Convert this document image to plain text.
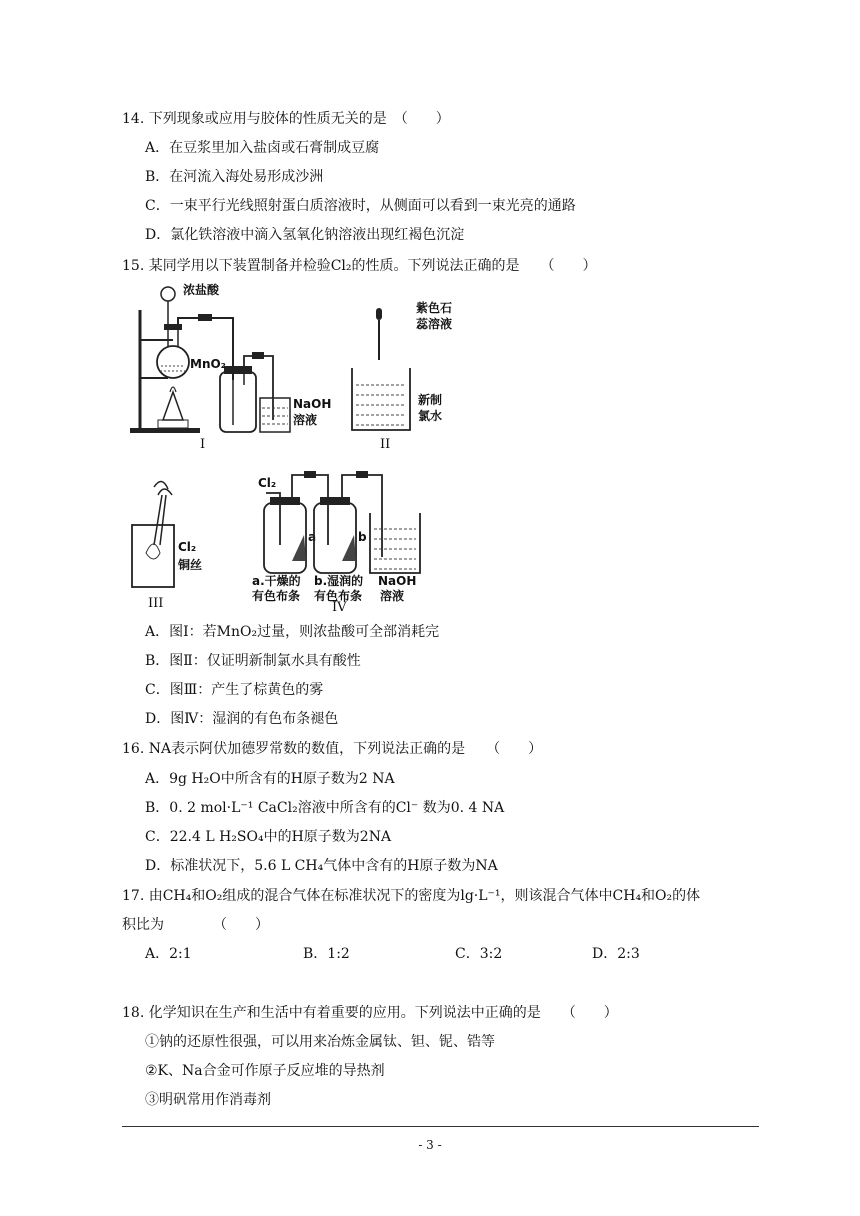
14. 下列现象或应用与胶体的性质无关的是　（　　）
A．在豆浆里加入盐卤或石膏制成豆腐
B．在河流入海处易形成沙洲
C．一束平行光线照射蛋白质溶液时，从侧面可以看到一束光亮的通路
D．氯化铁溶液中滴入氢氧化钠溶液出现红褐色沉淀
15. 某同学用以下装置制备并检验Cl₂的性质。下列说法正确的是　　（　　）
浓盐酸
MnO₂
NaOH
溶液
I
紫色石
蕊溶液
新制
氯水
II
Cl₂
铜丝
III
Cl₂
a	b
a.干燥的
有色布条
b.湿润的
有色布条
NaOH
溶液
IV
A．图Ⅰ：若MnO₂过量，则浓盐酸可全部消耗完
B．图Ⅱ：仅证明新制氯水具有酸性
C．图Ⅲ：产生了棕黄色的雾
D．图Ⅳ：湿润的有色布条褪色
16. NA表示阿伏加德罗常数的数值，下列说法正确的是　　（　　）
A．9g H₂O中所含有的H原子数为2 NA
B．0. 2 mol·L⁻¹ CaCl₂溶液中所含有的Cl⁻ 数为0. 4 NA
C．22.4 L H₂SO₄中的H原子数为2NA
D．标准状况下，5.6 L CH₄气体中含有的H原子数为NA
17. 由CH₄和O₂组成的混合气体在标准状况下的密度为lg·L⁻¹，则该混合气体中CH₄和O₂的体
积比为　　　　（　　）
A．2:1	B．1:2	C．3:2	D．2:3
18. 化学知识在生产和生活中有着重要的应用。下列说法中正确的是　　（　　）
①钠的还原性很强，可以用来冶炼金属钛、钽、铌、锆等
②K、Na合金可作原子反应堆的导热剂
③明矾常用作消毒剂
- 3 -
